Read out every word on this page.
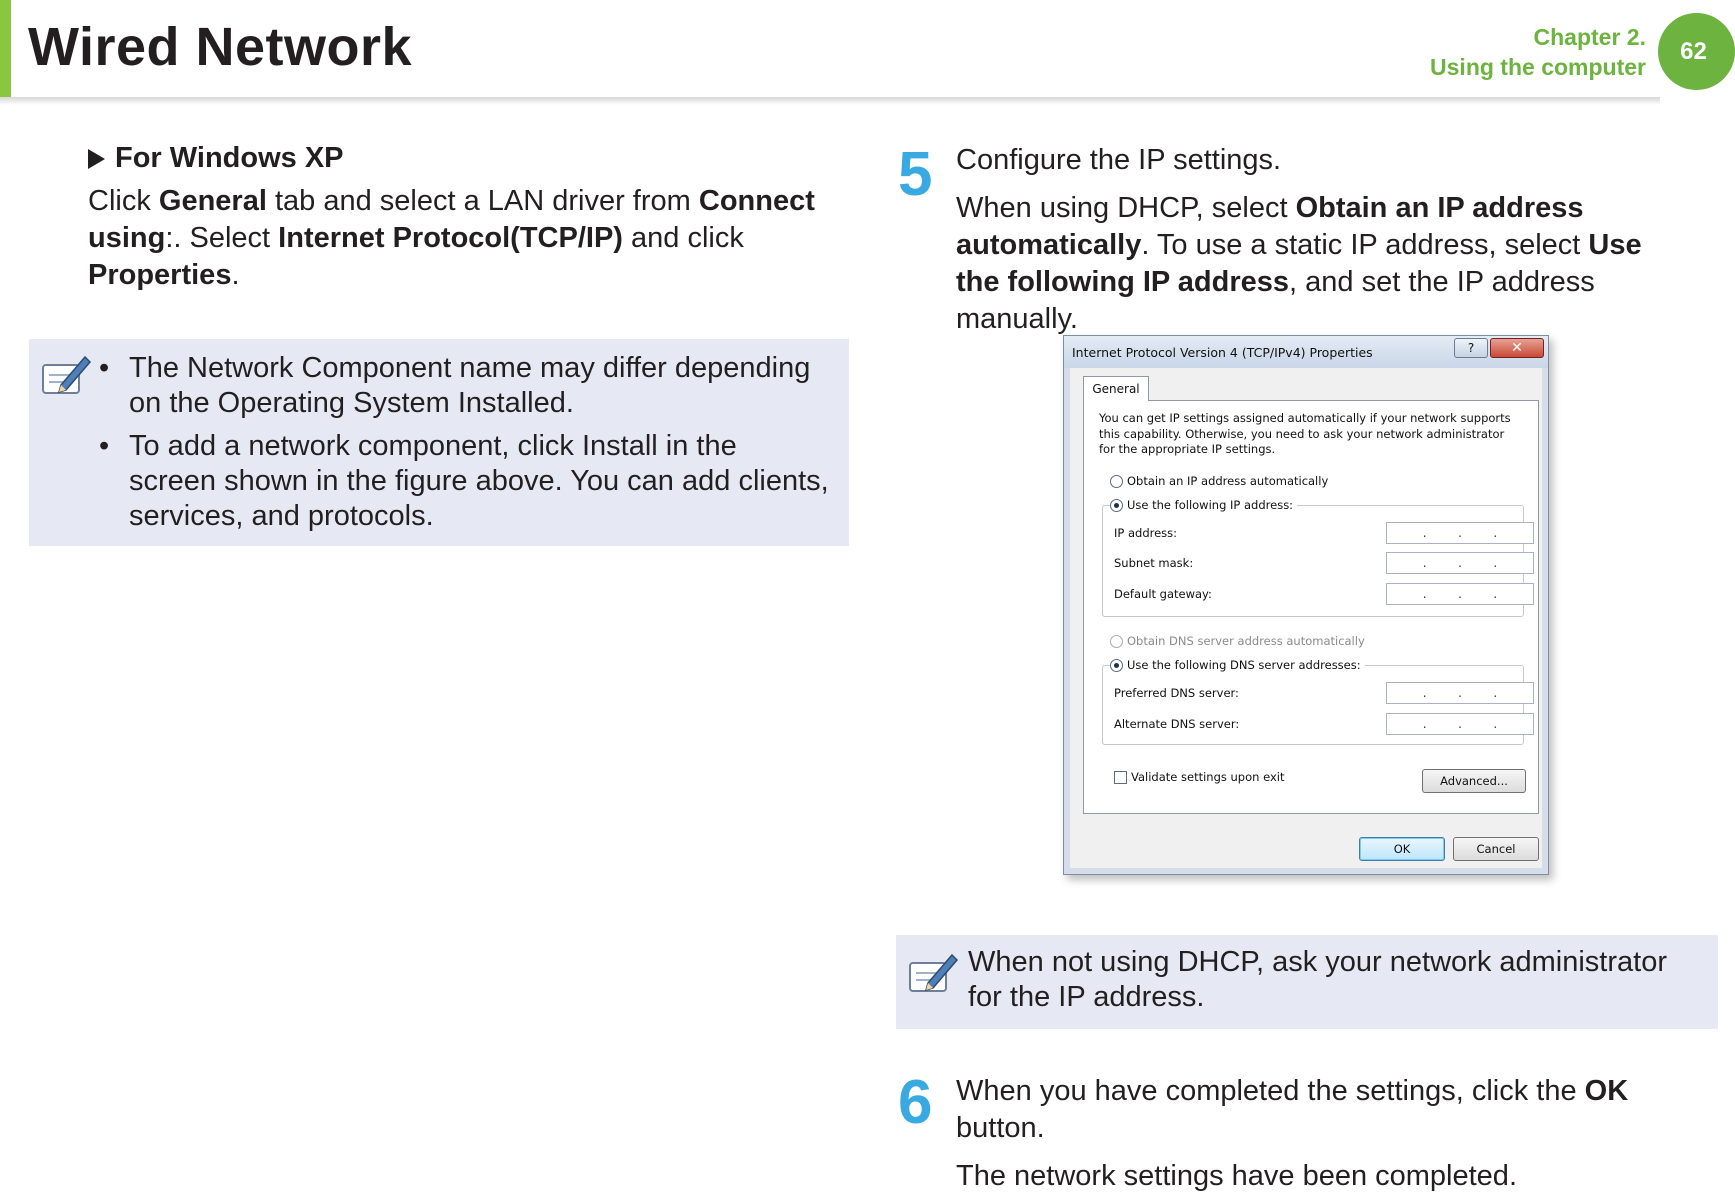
Wired Network	Chapter 2.
Using the computer
62
For Windows XP

Click General tab and select a LAN driver from Connect using:. Select Internet Protocol(TCP/IP) and click Properties.

• The Network Component name may differ depending on the Operating System Installed.
• To add a network component, click Install in the screen shown in the figure above. You can add clients, services, and protocols.
5 Configure the IP settings.

When using DHCP, select Obtain an IP address automatically. To use a static IP address, select Use the following IP address, and set the IP address manually.

Internet Protocol Version 4 (TCP/IPv4) Properties	?	✕
General

You can get IP settings assigned automatically if your network supports this capability. Otherwise, you need to ask your network administrator for the appropriate IP settings.

Obtain an IP address automatically
Use the following IP address:
IP address:	.	.	.
Subnet mask:	.	.	.
Default gateway:	.	.	.
Obtain DNS server address automatically
Use the following DNS server addresses:
Preferred DNS server:	.	.	.
Alternate DNS server:	.	.	.
Validate settings upon exit	Advanced...
OK	Cancel

When not using DHCP, ask your network administrator for the IP address.

6 When you have completed the settings, click the OK button.

The network settings have been completed.
